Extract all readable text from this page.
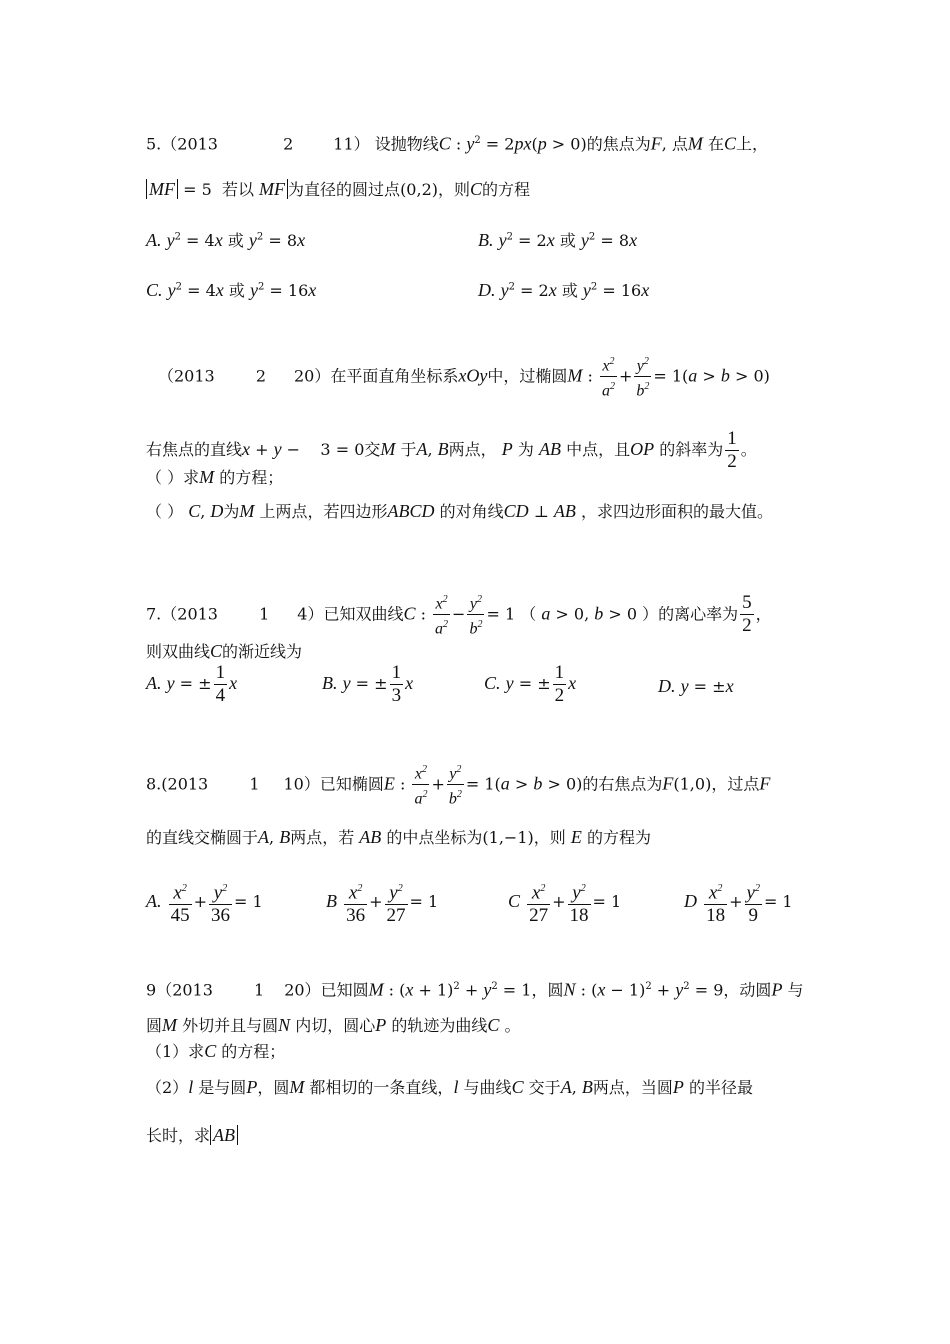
5.（2013	2	11） 设抛物线C : $y^2 = 2px(p > 0)$的焦点为F, 点M 在C上，
MF = 5  若以 MF 为直径的圆过点(0,2)，则C的方程
A. $y^2 = 4x$ 或 $y^2 = 8x$	B. $y^2 = 2x$ 或 $y^2 = 8x$
C. $y^2 = 4x$ 或 $y^2 = 16x$	D. $y^2 = 2x$ 或 $y^2 = 16x$
（2013 2 20）在平面直角坐标系xOy中，过椭圆M : $\frac{x^2}{a^2} + \frac{y^2}{b^2} = 1(a > b > 0)$
右焦点的直线x + y −    3 = 0交M 于A, B两点， P 为 AB 中点，且OP 的斜率为 $\frac{1}{2}$ 。
（ ）求M 的方程；
（ ） C, D为M 上两点，若四边形ABCD 的对角线CD ⊥ AB ，求四边形面积的最大值。
7.（2013 1 4）已知双曲线C : $\frac{x^2}{a^2} - \frac{y^2}{b^2} = 1$ （ a > 0, b > 0 ）的离心率为 $\frac{5}{2}$ ，
则双曲线C的渐近线为
A. y = ± $\frac{1}{4}$ x	B. y = ± $\frac{1}{3}$ x	C. y = ± $\frac{1}{2}$ x	D. y = ±x
8.(2013 1 10）已知椭圆E : $\frac{x^2}{a^2} + \frac{y^2}{b^2} = 1(a > b > 0)$的右焦点为F(1,0)，过点F
的直线交椭圆于A, B两点，若 AB 的中点坐标为(1,−1)，则 E 的方程为
A. $\frac{x^2}{45} + \frac{y^2}{36} = 1$	B $\frac{x^2}{36} + \frac{y^2}{27} = 1$	C $\frac{x^2}{27} + \frac{y^2}{18} = 1$	D $\frac{x^2}{18} + \frac{y^2}{9} = 1$
9（2013 1 20）已知圆M : $(x + 1)^2 + y^2 = 1$，圆N : $(x - 1)^2 + y^2 = 9$，动圆P 与
圆M 外切并且与圆N 内切，圆心P 的轨迹为曲线C 。
（1）求C 的方程；
（2）l 是与圆P，圆M 都相切的一条直线，l 与曲线C 交于A, B两点，当圆P 的半径最
长时，求 AB
